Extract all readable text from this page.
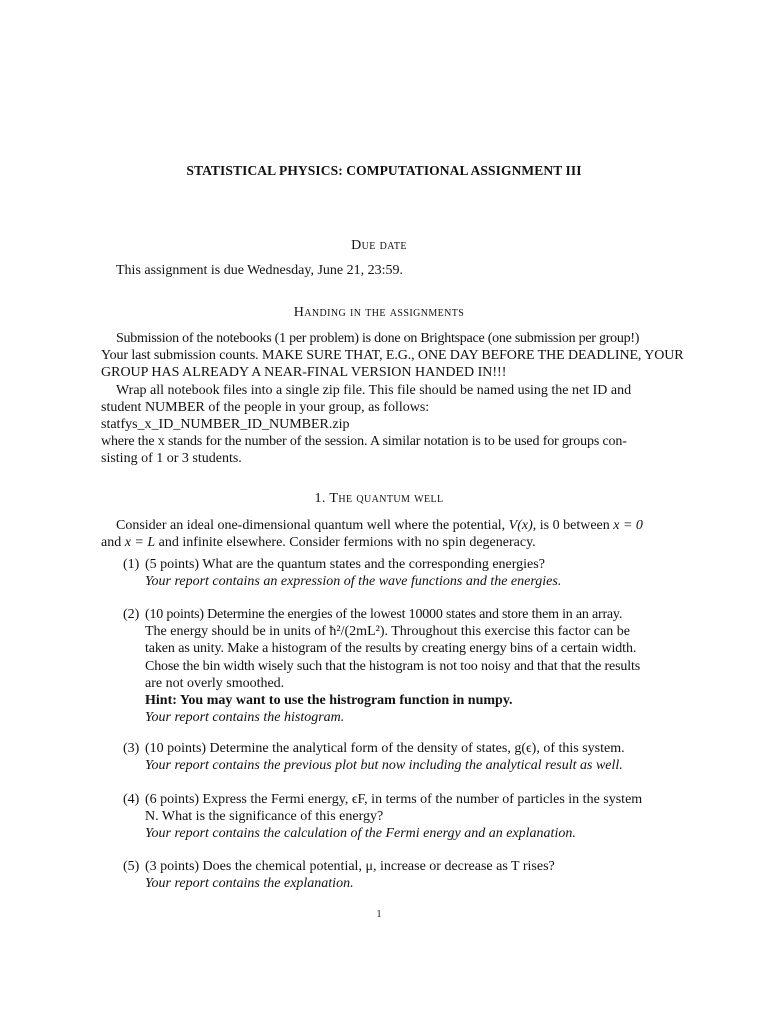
STATISTICAL PHYSICS: COMPUTATIONAL ASSIGNMENT III
Due date

This assignment is due Wednesday, June 21, 23:59.

Handing in the assignments

Submission of the notebooks (1 per problem) is done on Brightspace (one submission per group!)

Your last submission counts. MAKE SURE THAT, E.G., ONE DAY BEFORE THE DEADLINE, YOUR

GROUP HAS ALREADY A NEAR-FINAL VERSION HANDED IN!!!

Wrap all notebook files into a single zip file. This file should be named using the net ID and

student NUMBER of the people in your group, as follows:

statfys_x_ID_NUMBER_ID_NUMBER.zip

where the x stands for the number of the session. A similar notation is to be used for groups con-

sisting of 1 or 3 students.

1. The quantum well

Consider an ideal one-dimensional quantum well where the potential, V(x), is 0 between x = 0

and x = L and infinite elsewhere. Consider fermions with no spin degeneracy.

(1) (5 points) What are the quantum states and the corresponding energies?
Your report contains an expression of the wave functions and the energies.
(2) (10 points) Determine the energies of the lowest 10000 states and store them in an array.
The energy should be in units of ħ²/(2mL²). Throughout this exercise this factor can be
taken as unity. Make a histogram of the results by creating energy bins of a certain width.
Chose the bin width wisely such that the histogram is not too noisy and that that the results
are not overly smoothed.
Hint: You may want to use the histrogram function in numpy.
Your report contains the histogram.
(3) (10 points) Determine the analytical form of the density of states, g(ϵ), of this system.
Your report contains the previous plot but now including the analytical result as well.
(4) (6 points) Express the Fermi energy, ϵF, in terms of the number of particles in the system
N. What is the significance of this energy?
Your report contains the calculation of the Fermi energy and an explanation.
(5) (3 points) Does the chemical potential, μ, increase or decrease as T rises?
Your report contains the explanation.
1
